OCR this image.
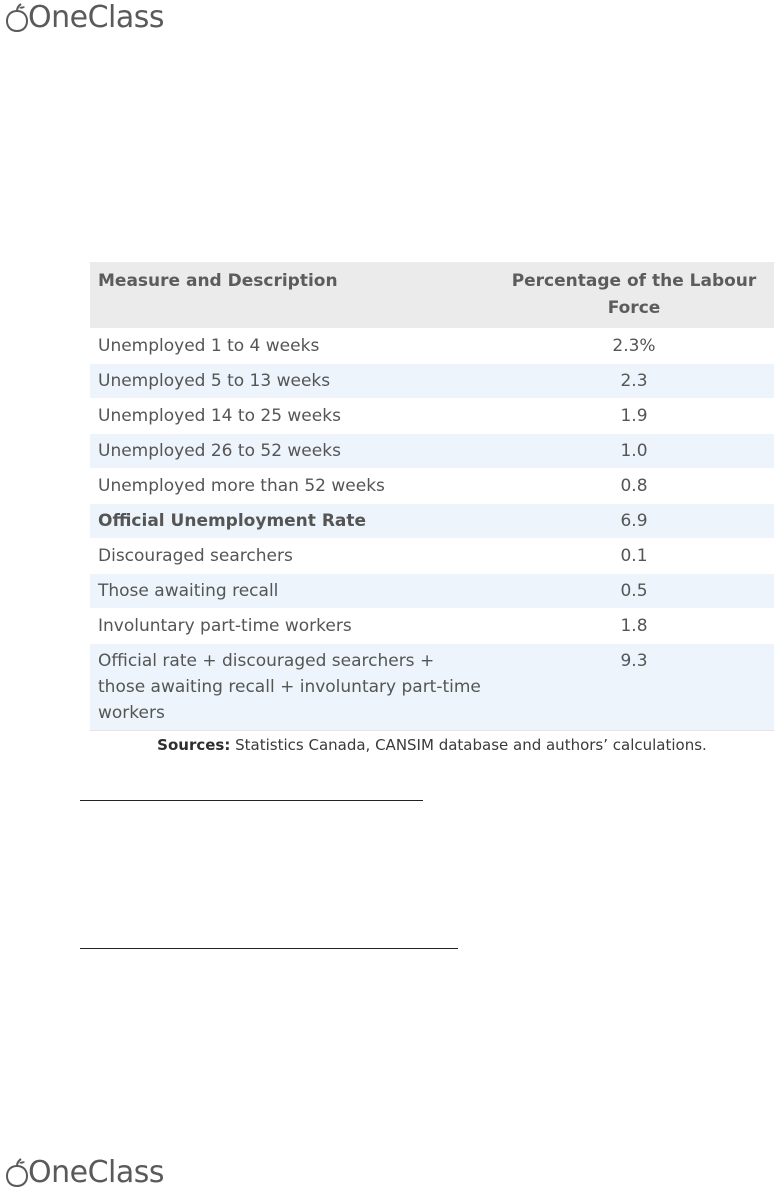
OneClass
Measure and Description	Percentage of the Labour Force
Unemployed 1 to 4 weeks	2.3%
Unemployed 5 to 13 weeks	2.3
Unemployed 14 to 25 weeks	1.9
Unemployed 26 to 52 weeks	1.0
Unemployed more than 52 weeks	0.8
Official Unemployment Rate	6.9
Discouraged searchers	0.1
Those awaiting recall	0.5
Involuntary part-time workers	1.8
Official rate + discouraged searchers + those awaiting recall + involuntary part-time workers	9.3
Sources: Statistics Canada, CANSIM database and authors’ calculations.
OneClass
